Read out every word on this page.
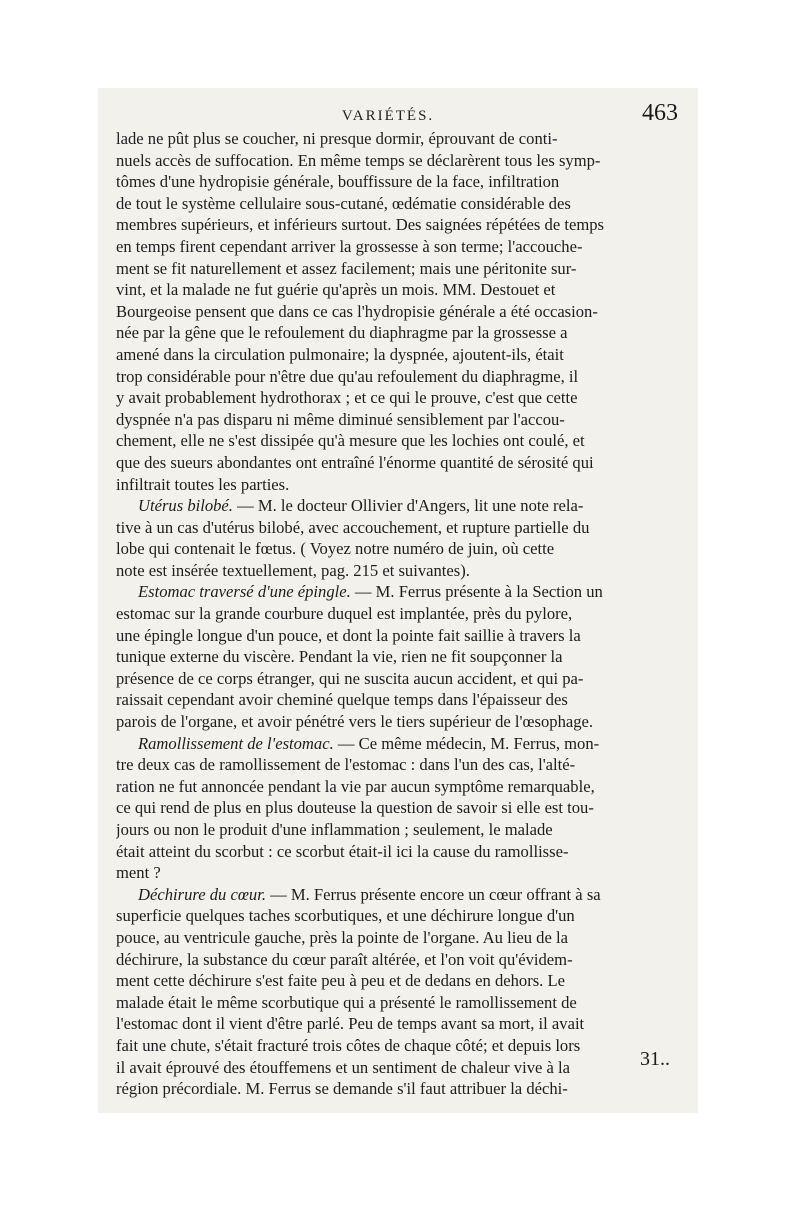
VARIÉTÉS.	463
lade ne pût plus se coucher, ni presque dormir, éprouvant de conti-
nuels accès de suffocation. En même temps se déclarèrent tous les symp-
tômes d'une hydropisie générale, bouffissure de la face, infiltration
de tout le système cellulaire sous-cutané, œdématie considérable des
membres supérieurs, et inférieurs surtout. Des saignées répétées de temps
en temps firent cependant arriver la grossesse à son terme; l'accouche-
ment se fit naturellement et assez facilement; mais une péritonite sur-
vint, et la malade ne fut guérie qu'après un mois. MM. Destouet et
Bourgeoise pensent que dans ce cas l'hydropisie générale a été occasion-
née par la gêne que le refoulement du diaphragme par la grossesse a
amené dans la circulation pulmonaire; la dyspnée, ajoutent-ils, était
trop considérable pour n'être due qu'au refoulement du diaphragme, il
y avait probablement hydrothorax ; et ce qui le prouve, c'est que cette
dyspnée n'a pas disparu ni même diminué sensiblement par l'accou-
chement, elle ne s'est dissipée qu'à mesure que les lochies ont coulé, et
que des sueurs abondantes ont entraîné l'énorme quantité de sérosité qui
infiltrait toutes les parties.
Utérus bilobé. — M. le docteur Ollivier d'Angers, lit une note rela-
tive à un cas d'utérus bilobé, avec accouchement, et rupture partielle du
lobe qui contenait le fœtus. ( Voyez notre numéro de juin, où cette
note est insérée textuellement, pag. 215 et suivantes).
Estomac traversé d'une épingle. — M. Ferrus présente à la Section un
estomac sur la grande courbure duquel est implantée, près du pylore,
une épingle longue d'un pouce, et dont la pointe fait saillie à travers la
tunique externe du viscère. Pendant la vie, rien ne fit soupçonner la
présence de ce corps étranger, qui ne suscita aucun accident, et qui pa-
raissait cependant avoir cheminé quelque temps dans l'épaisseur des
parois de l'organe, et avoir pénétré vers le tiers supérieur de l'œsophage.
Ramollissement de l'estomac. — Ce même médecin, M. Ferrus, mon-
tre deux cas de ramollissement de l'estomac : dans l'un des cas, l'alté-
ration ne fut annoncée pendant la vie par aucun symptôme remarquable,
ce qui rend de plus en plus douteuse la question de savoir si elle est tou-
jours ou non le produit d'une inflammation ; seulement, le malade
était atteint du scorbut : ce scorbut était-il ici la cause du ramollisse-
ment ?
Déchirure du cœur. — M. Ferrus présente encore un cœur offrant à sa
superficie quelques taches scorbutiques, et une déchirure longue d'un
pouce, au ventricule gauche, près la pointe de l'organe. Au lieu de la
déchirure, la substance du cœur paraît altérée, et l'on voit qu'évidem-
ment cette déchirure s'est faite peu à peu et de dedans en dehors. Le
malade était le même scorbutique qui a présenté le ramollissement de
l'estomac dont il vient d'être parlé. Peu de temps avant sa mort, il avait
fait une chute, s'était fracturé trois côtes de chaque côté; et depuis lors
il avait éprouvé des étouffemens et un sentiment de chaleur vive à la
région précordiale. M. Ferrus se demande s'il faut attribuer la déchi-
31..
